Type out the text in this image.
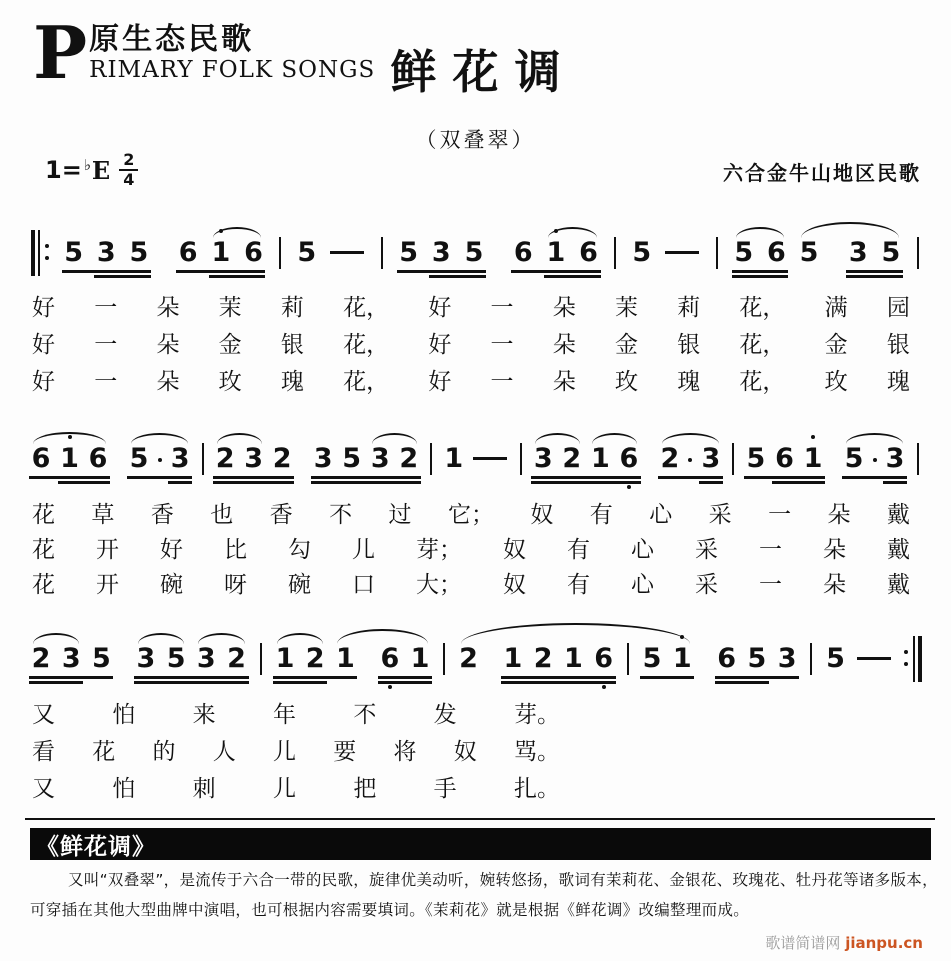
P 原生态民歌
RIMARY FOLK SONGS 鲜花调
（双叠翠）
六合金牛山地区民歌
1= ♭ E $\frac{2}{4}$
5 3 5 6 1 6 5	5 3 5 6 1 6 5	5 6 5 3 5
好 一 朵 茉 莉 花， 好 一 朵 茉 莉 花， 满 园
好 一 朵 金 银 花， 好 一 朵 金 银 花， 金 银
好 一 朵 玫 瑰 花， 好 一 朵 玫 瑰 花， 玫 瑰
6 1 6 5 3 2 3 2 3 5 3 2 1	3 2 1 6 2 3 5 6 1 5 3
花 草 香 也 香 不 过 它； 奴 有 心 采 一 朵 戴
花 开 好 比 勾 儿 芽； 奴 有 心 采 一 朵 戴
花 开 碗 呀 碗 口 大； 奴 有 心 采 一 朵 戴
2 3 5 3 5 3 2 1 2 1 6 1 2 1 2 1 6 5 1 6 5 3 5
又 怕 来 年 不 发 芽。
看 花 的 人 儿 要 将 奴 骂。
又 怕 刺 儿 把 手 扎。
《鲜花调》
又叫“双叠翠”，是流传于六合一带的民歌，旋律优美动听，婉转悠扬，歌词有茉莉花、金银花、玫瑰花、牡丹花等诸多版本，
可穿插在其他大型曲牌中演唱，也可根据内容需要填词。《茉莉花》就是根据《鲜花调》改编整理而成。
歌谱简谱网 jianpu.cn
